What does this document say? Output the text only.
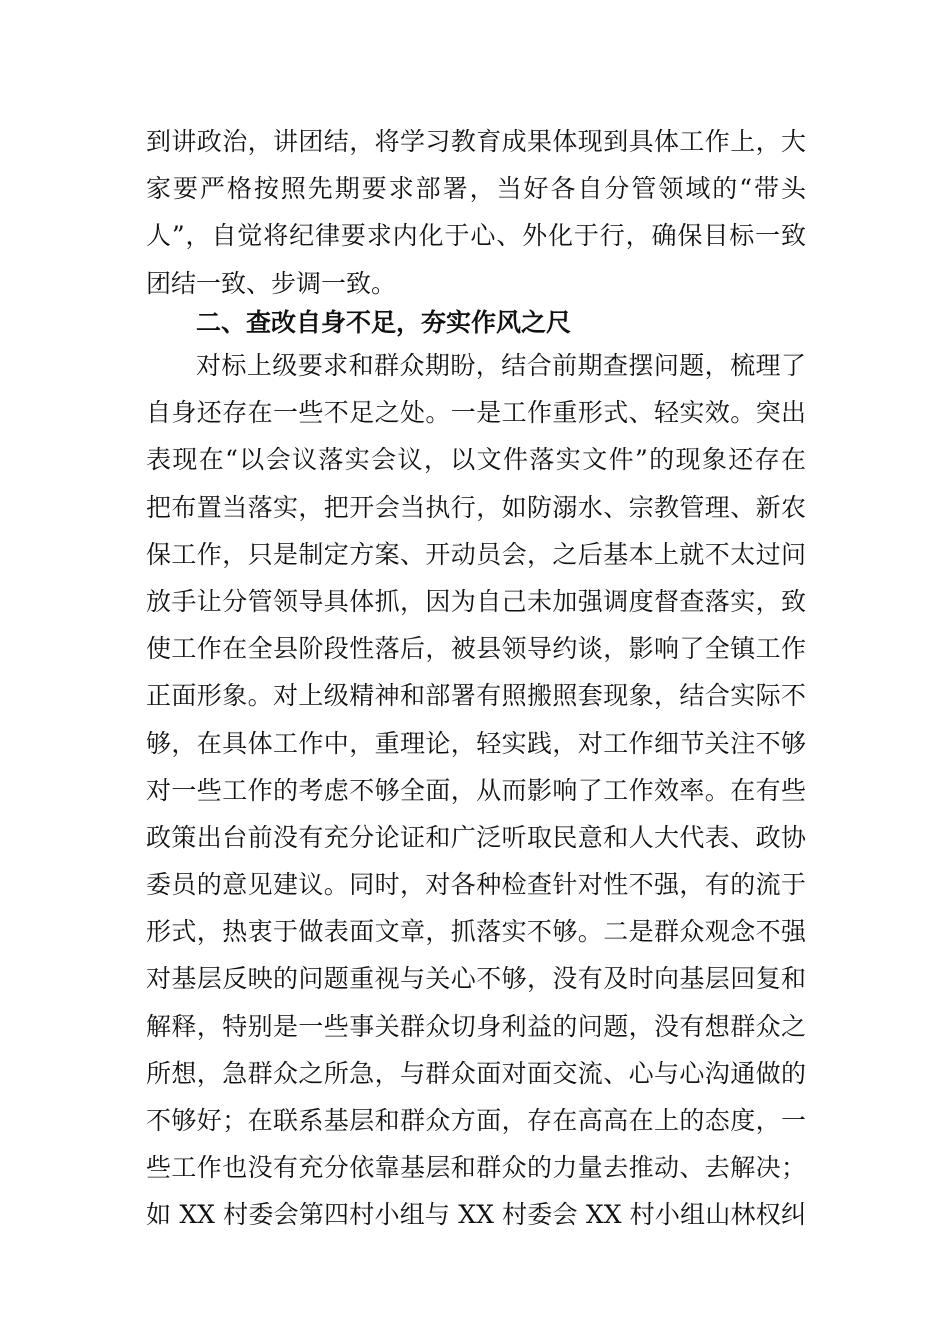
到讲政治，讲团结，将学习教育成果体现到具体工作上，大
家要严格按照先期要求部署，当好各自分管领域的“带头
人”，自觉将纪律要求内化于心、外化于行，确保目标一致
团结一致、步调一致。
二、查改自身不足，夯实作风之尺
对标上级要求和群众期盼，结合前期查摆问题，梳理了
自身还存在一些不足之处。一是工作重形式、轻实效。突出
表现在“以会议落实会议，以文件落实文件”的现象还存在
把布置当落实，把开会当执行，如防溺水、宗教管理、新农
保工作，只是制定方案、开动员会，之后基本上就不太过问
放手让分管领导具体抓，因为自己未加强调度督查落实，致
使工作在全县阶段性落后，被县领导约谈，影响了全镇工作
正面形象。对上级精神和部署有照搬照套现象，结合实际不
够，在具体工作中，重理论，轻实践，对工作细节关注不够
对一些工作的考虑不够全面，从而影响了工作效率。在有些
政策出台前没有充分论证和广泛听取民意和人大代表、政协
委员的意见建议。同时，对各种检查针对性不强，有的流于
形式，热衷于做表面文章，抓落实不够。二是群众观念不强
对基层反映的问题重视与关心不够，没有及时向基层回复和
解释，特别是一些事关群众切身利益的问题，没有想群众之
所想，急群众之所急，与群众面对面交流、心与心沟通做的
不够好；在联系基层和群众方面，存在高高在上的态度，一
些工作也没有充分依靠基层和群众的力量去推动、去解决；
如 XX 村委会第四村小组与 XX 村委会 XX 村小组山林权纠
